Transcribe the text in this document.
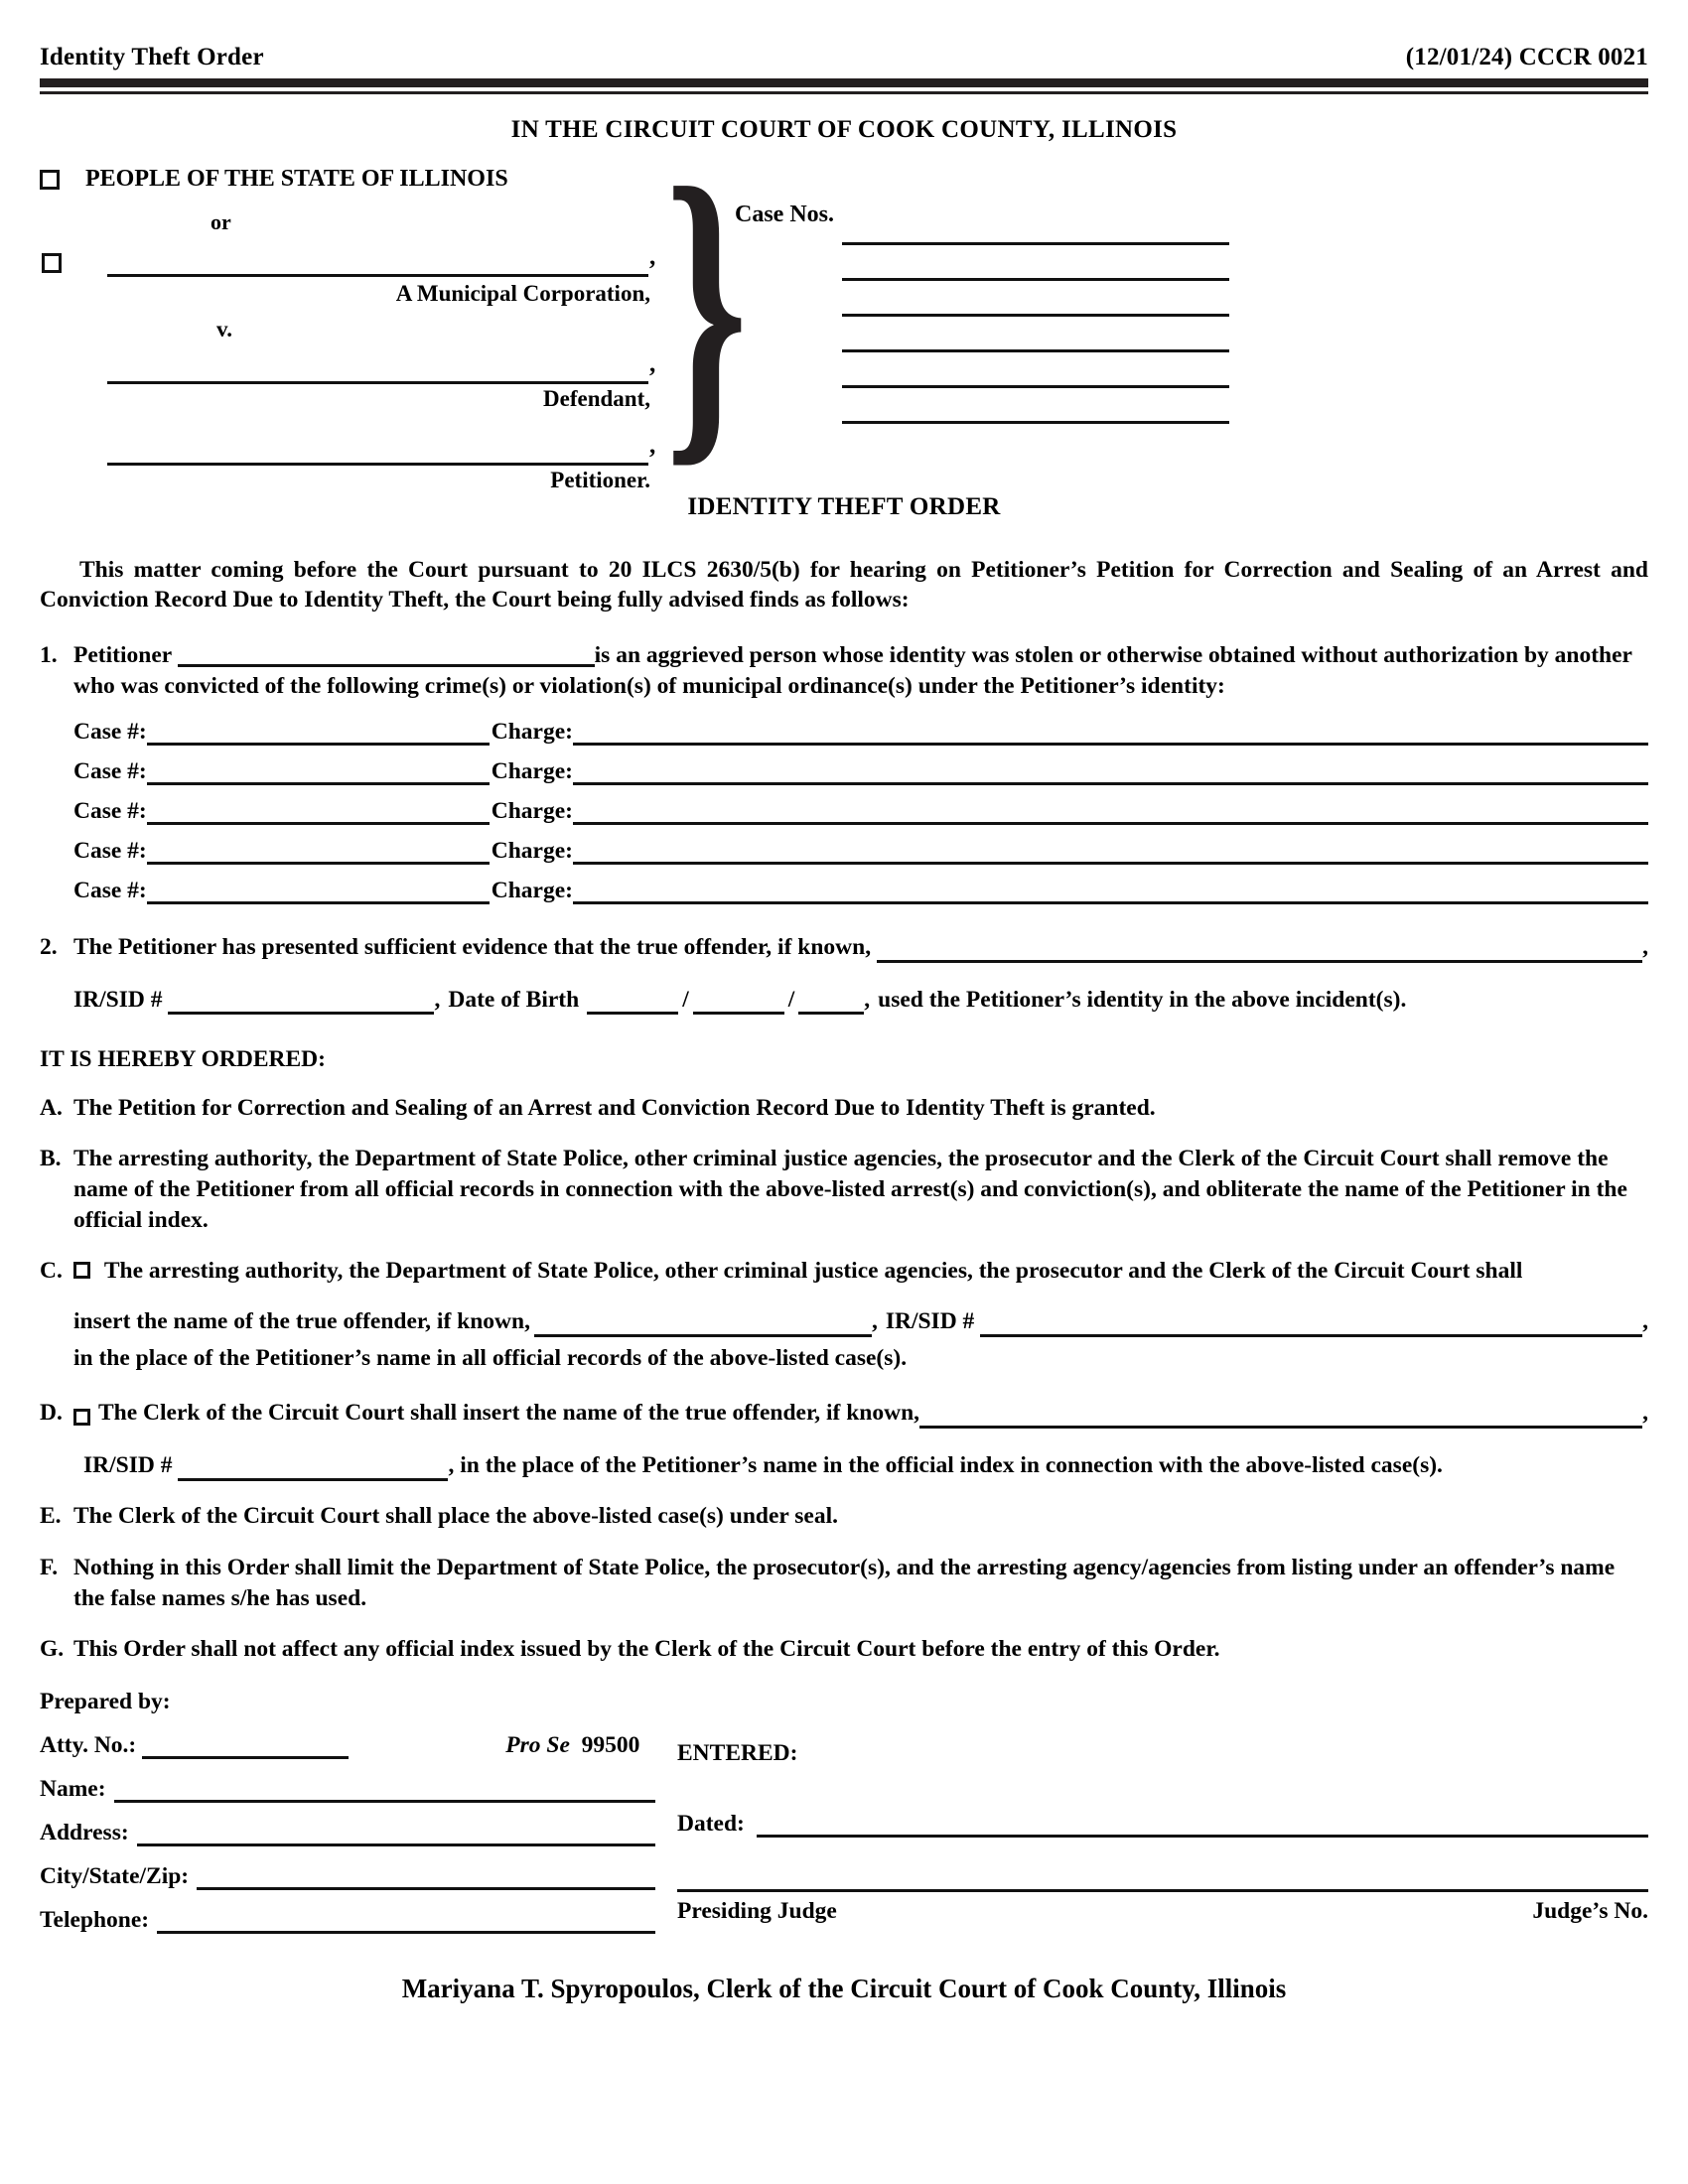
Identity Theft Order	(12/01/24) CCCR 0021
IN THE CIRCUIT COURT OF COOK COUNTY, ILLINOIS
PEOPLE OF THE STATE OF ILLINOIS
or
,
A Municipal Corporation,
v.
,
Defendant,
,
Petitioner. }
Case Nos.
IDENTITY THEFT ORDER
This matter coming before the Court pursuant to 20 ILCS 2630/5(b) for hearing on Petitioner’s Petition for Correction and Sealing of an Arrest and Conviction Record Due to Identity Theft, the Court being fully advised finds as follows:
1. Petitioner	is an aggrieved person whose identity was stolen or otherwise obtained without authorization by another who was convicted of the following crime(s) or violation(s) of municipal ordinance(s) under the Petitioner’s identity:
Case #:	Charge:
Case #:	Charge:
Case #:	Charge:
Case #:	Charge:
Case #:	Charge:
2. The Petitioner has presented sufficient evidence that the true offender, if known,	,
IR/SID #	, Date of Birth	/	/	, used the Petitioner’s identity in the above incident(s).
IT IS HEREBY ORDERED:
A. The Petition for Correction and Sealing of an Arrest and Conviction Record Due to Identity Theft is granted.
B. The arresting authority, the Department of State Police, other criminal justice agencies, the prosecutor and the Clerk of the Circuit Court shall remove the name of the Petitioner from all official records in connection with the above-listed arrest(s) and conviction(s), and obliterate the name of the Petitioner in the official index.
C.	The arresting authority, the Department of State Police, other criminal justice agencies, the prosecutor and the Clerk of the Circuit Court shall
insert the name of the true offender, if known,	, IR/SID #	,
in the place of the Petitioner’s name in all official records of the above-listed case(s).
D.	The Clerk of the Circuit Court shall insert the name of the true offender, if known,	,
IR/SID #	, in the place of the Petitioner’s name in the official index in connection with the above-listed case(s).
E. The Clerk of the Circuit Court shall place the above-listed case(s) under seal.
F. Nothing in this Order shall limit the Department of State Police, the prosecutor(s), and the arresting agency/agencies from listing under an offender’s name the false names s/he has used.
G. This Order shall not affect any official index issued by the Clerk of the Circuit Court before the entry of this Order.
Prepared by:
Atty. No.:	Pro Se 99500
Name:
Address:
City/State/Zip:
Telephone:
ENTERED:
Dated:
Presiding Judge	Judge’s No.
Mariyana T. Spyropoulos, Clerk of the Circuit Court of Cook County, Illinois
